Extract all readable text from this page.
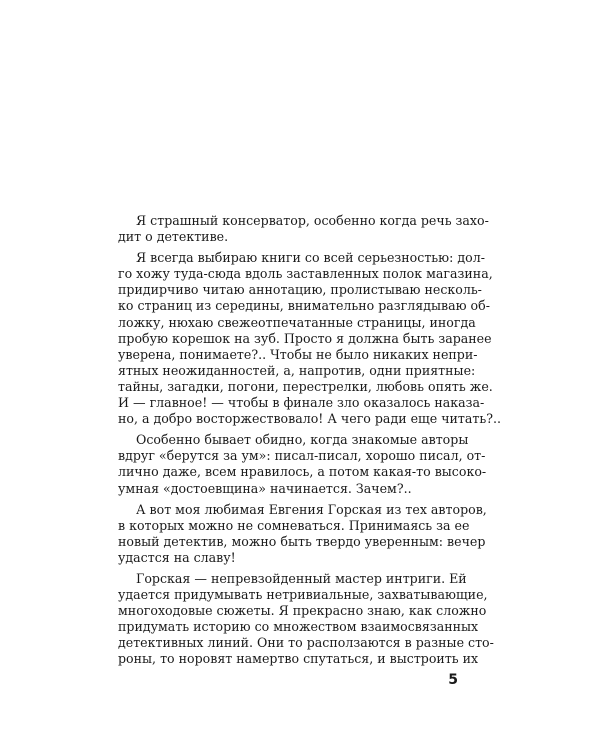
Я страшный консерватор, особенно когда речь захо-
дит о детективе.
Я всегда выбираю книги со всей серьезностью: дол-
го хожу туда-сюда вдоль заставленных полок магазина,
придирчиво читаю аннотацию, пролистываю несколь-
ко страниц из середины, внимательно разглядываю об-
ложку, нюхаю свежеотпечатанные страницы, иногда
пробую корешок на зуб. Просто я должна быть заранее
уверена, понимаете?.. Чтобы не было никаких непри-
ятных неожиданностей, а, напротив, одни приятные:
тайны, загадки, погони, перестрелки, любовь опять же.
И — главное! — чтобы в финале зло оказалось наказа-
но, а добро восторжествовало! А чего ради еще читать?..
Особенно бывает обидно, когда знакомые авторы
вдруг «берутся за ум»: писал-писал, хорошо писал, от-
лично даже, всем нравилось, а потом какая-то высоко-
умная «достоевщина» начинается. Зачем?..
А вот моя любимая Евгения Горская из тех авторов,
в которых можно не сомневаться. Принимаясь за ее
новый детектив, можно быть твердо уверенным: вечер
удастся на славу!
Горская — непревзойденный мастер интриги. Ей
удается придумывать нетривиальные, захватывающие,
многоходовые сюжеты. Я прекрасно знаю, как сложно
придумать историю со множеством взаимосвязанных
детективных линий. Они то расползаются в разные сто-
роны, то норовят намертво спутаться, и выстроить их
5
